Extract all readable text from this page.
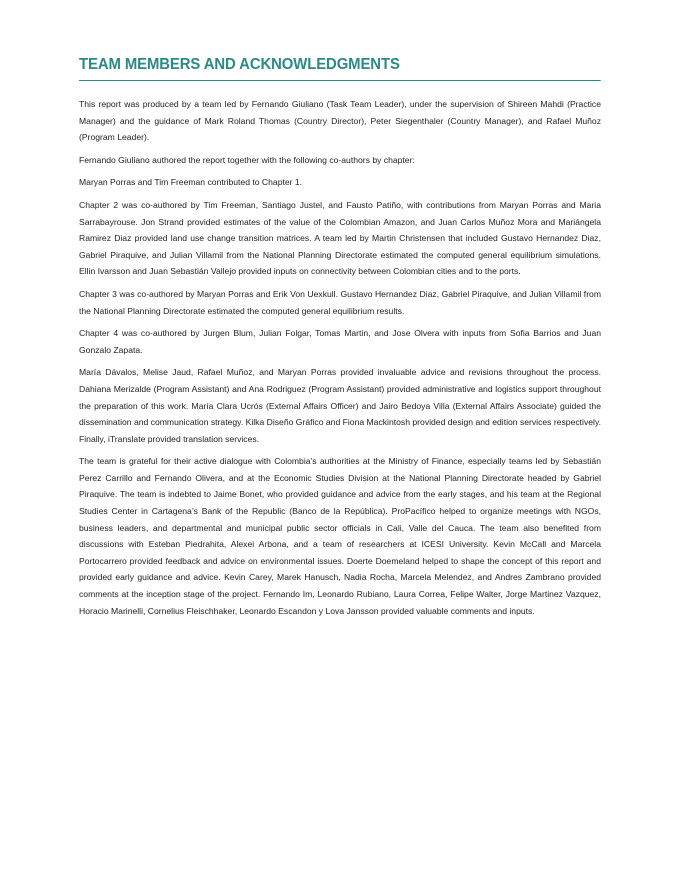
TEAM MEMBERS AND ACKNOWLEDGMENTS

This report was produced by a team led by Fernando Giuliano (Task Team Leader), under the supervision of Shireen Mahdi (Practice Manager) and the guidance of Mark Roland Thomas (Country Director), Peter Siegenthaler (Country Manager), and Rafael Muñoz (Program Leader).

Fernando Giuliano authored the report together with the following co-authors by chapter:

Maryan Porras and Tim Freeman contributed to Chapter 1.

Chapter 2 was co-authored by Tim Freeman, Santiago Justel, and Fausto Patiño, with contributions from Maryan Porras and Maria Sarrabayrouse. Jon Strand provided estimates of the value of the Colombian Amazon, and Juan Carlos Muñoz Mora and Mariángela Ramirez Diaz provided land use change transition matrices. A team led by Martin Christensen that included Gustavo Hernandez Diaz, Gabriel Piraquive, and Julian Villamil from the National Planning Directorate estimated the computed general equilibrium simulations. Ellin Ivarsson and Juan Sebastián Vallejo provided inputs on connectivity between Colombian cities and to the ports.

Chapter 3 was co-authored by Maryan Porras and Erik Von Uexkull. Gustavo Hernandez Diaz, Gabriel Piraquive, and Julian Villamil from the National Planning Directorate estimated the computed general equilibrium results.

Chapter 4 was co-authored by Jurgen Blum, Julian Folgar, Tomas Martin, and Jose Olvera with inputs from Sofia Barrios and Juan Gonzalo Zapata.

María Dávalos, Melise Jaud, Rafael Muñoz, and Maryan Porras provided invaluable advice and revisions throughout the process. Dahiana Merizalde (Program Assistant) and Ana Rodriguez (Program Assistant) provided administrative and logistics support throughout the preparation of this work. María Clara Ucrós (External Affairs Officer) and Jairo Bedoya Villa (External Affairs Associate) guided the dissemination and communication strategy. Kilka Diseño Gráfico and Fiona Mackintosh provided design and edition services respectively. Finally, iTranslate provided translation services.

The team is grateful for their active dialogue with Colombia’s authorities at the Ministry of Finance, especially teams led by Sebastián Perez Carrillo and Fernando Olivera, and at the Economic Studies Division at the National Planning Directorate headed by Gabriel Piraquive. The team is indebted to Jaime Bonet, who provided guidance and advice from the early stages, and his team at the Regional Studies Center in Cartagena’s Bank of the Republic (Banco de la República). ProPacífico helped to organize meetings with NGOs, business leaders, and departmental and municipal public sector officials in Cali, Valle del Cauca. The team also benefited from discussions with Esteban Piedrahita, Alexei Arbona, and a team of researchers at ICESI University. Kevin McCall and Marcela Portocarrero provided feedback and advice on environmental issues. Doerte Doemeland helped to shape the concept of this report and provided early guidance and advice. Kevin Carey, Marek Hanusch, Nadia Rocha, Marcela Melendez, and Andres Zambrano provided comments at the inception stage of the project. Fernando Im, Leonardo Rubiano, Laura Correa, Felipe Walter, Jorge Martinez Vazquez, Horacio Marinelli, Cornelius Fleischhaker, Leonardo Escandon y Lova Jansson provided valuable comments and inputs.
